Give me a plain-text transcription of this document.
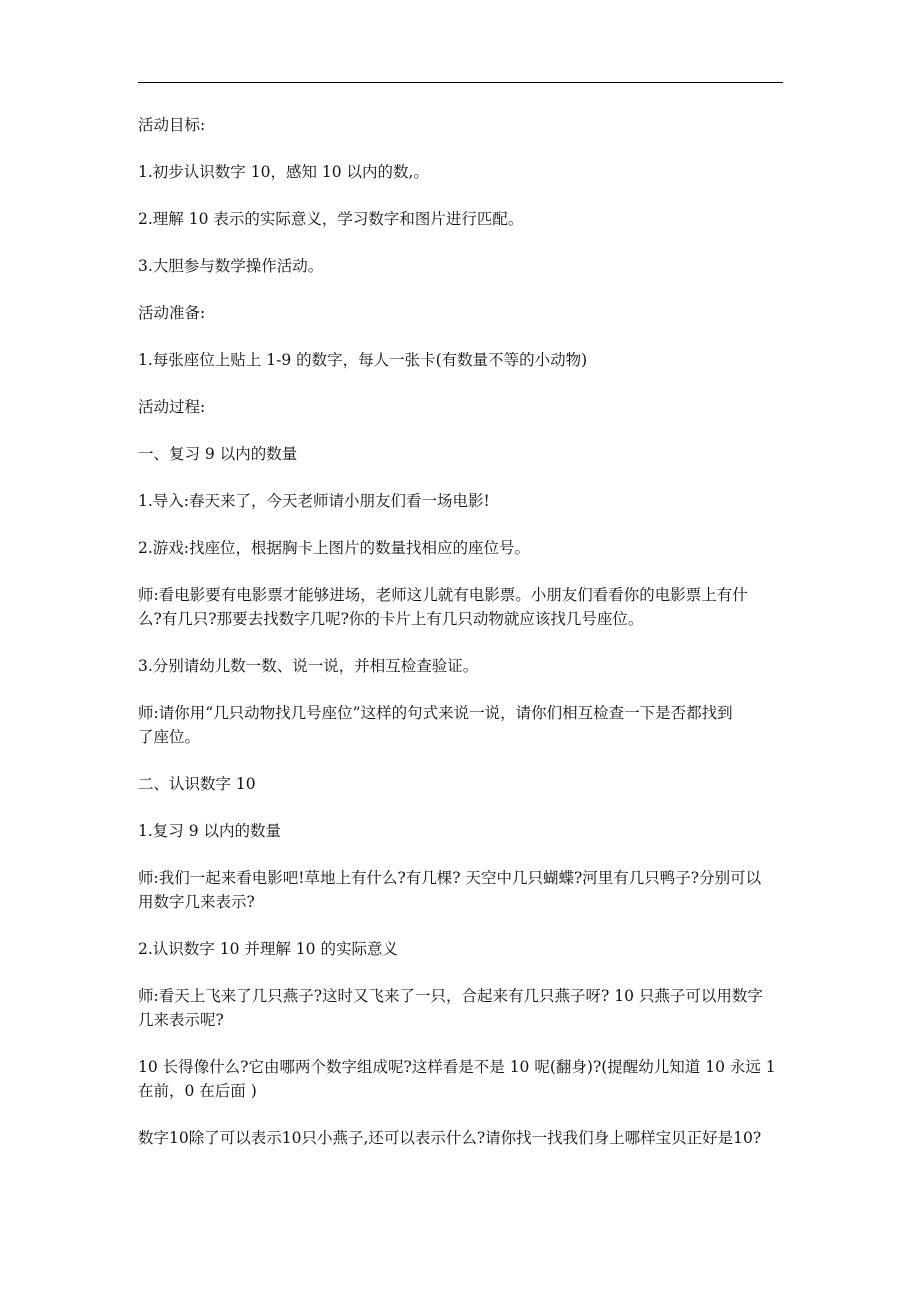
活动目标:

1.初步认识数字 10，感知 10 以内的数,。

2.理解 10 表示的实际意义，学习数字和图片进行匹配。

3.大胆参与数学操作活动。

活动准备:

1.每张座位上贴上 1-9 的数字，每人一张卡(有数量不等的小动物)

活动过程:

一、复习 9 以内的数量

1.导入:春天来了，今天老师请小朋友们看一场电影!

2.游戏:找座位，根据胸卡上图片的数量找相应的座位号。

师:看电影要有电影票才能够进场，老师这儿就有电影票。小朋友们看看你的电影票上有什
么?有几只?那要去找数字几呢?你的卡片上有几只动物就应该找几号座位。

3.分别请幼儿数一数、说一说，并相互检查验证。

师:请你用“几只动物找几号座位”这样的句式来说一说，请你们相互检查一下是否都找到
了座位。

二、认识数字 10

1.复习 9 以内的数量

师:我们一起来看电影吧!草地上有什么?有几棵? 天空中几只蝴蝶?河里有几只鸭子?分别可以
用数字几来表示?

2.认识数字 10 并理解 10 的实际意义

师:看天上飞来了几只燕子?这时又飞来了一只，合起来有几只燕子呀? 10 只燕子可以用数字
几来表示呢?

10 长得像什么?它由哪两个数字组成呢?这样看是不是 10 呢(翻身)?(提醒幼儿知道 10 永远 1
在前，0 在后面 )

数字10除了可以表示10只小燕子,还可以表示什么?请你找一找我们身上哪样宝贝正好是10?
